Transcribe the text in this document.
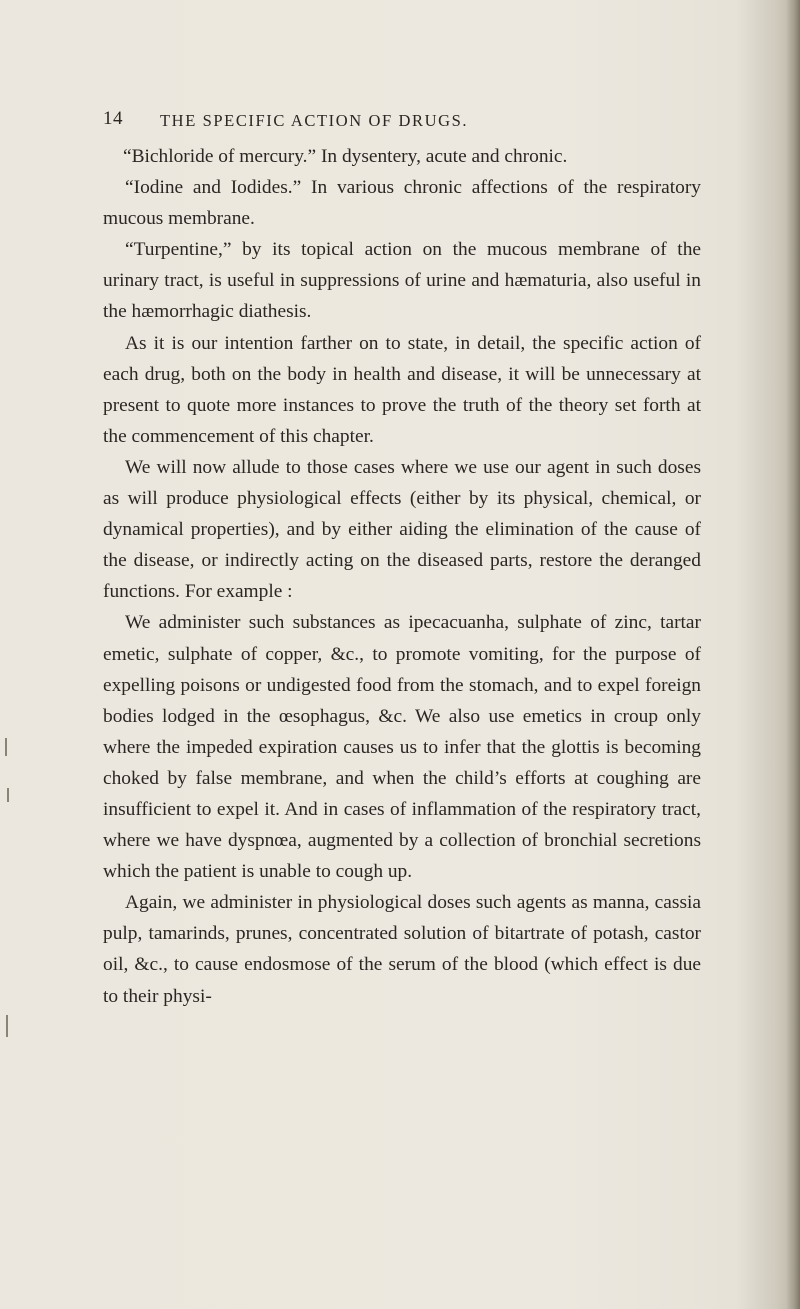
14 THE SPECIFIC ACTION OF DRUGS.

“Bichloride of mercury.” In dysentery, acute and chronic.

“Iodine and Iodides.” In various chronic affections of the respiratory mucous membrane.

“Turpentine,” by its topical action on the mucous membrane of the urinary tract, is useful in suppressions of urine and hæmaturia, also useful in the hæmorrhagic diathesis.

As it is our intention farther on to state, in detail, the specific action of each drug, both on the body in health and disease, it will be unnecessary at present to quote more instances to prove the truth of the theory set forth at the commencement of this chapter.

We will now allude to those cases where we use our agent in such doses as will produce physiological effects (either by its physical, chemical, or dynamical properties), and by either aiding the elimination of the cause of the disease, or indirectly acting on the diseased parts, restore the deranged functions. For example :

We administer such substances as ipecacuanha, sulphate of zinc, tartar emetic, sulphate of copper, &c., to promote vomiting, for the purpose of expelling poisons or undigested food from the stomach, and to expel foreign bodies lodged in the œsophagus, &c. We also use emetics in croup only where the impeded expiration causes us to infer that the glottis is becoming choked by false membrane, and when the child’s efforts at coughing are insufficient to expel it. And in cases of inflammation of the respiratory tract, where we have dyspnœa, augmented by a collection of bronchial secretions which the patient is unable to cough up.

Again, we administer in physiological doses such agents as manna, cassia pulp, tamarinds, prunes, concentrated solution of bitartrate of potash, castor oil, &c., to cause endosmose of the serum of the blood (which effect is due to their physi-
